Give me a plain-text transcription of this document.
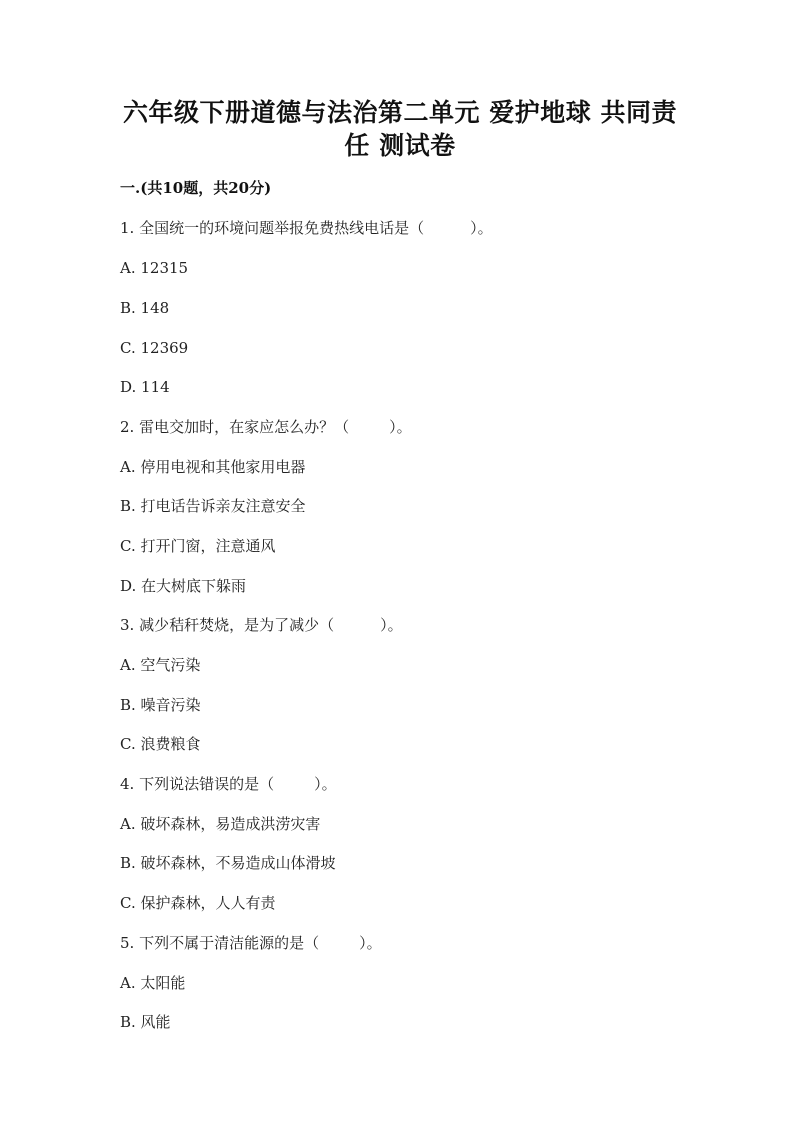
六年级下册道德与法治第二单元 爱护地球 共同责
任 测试卷
一.(共10题，共20分)
1. 全国统一的环境问题举报免费热线电话是（	）。
A. 12315
B. 148
C. 12369
D. 114
2. 雷电交加时，在家应怎么办？（	）。
A. 停用电视和其他家用电器
B. 打电话告诉亲友注意安全
C. 打开门窗，注意通风
D. 在大树底下躲雨
3. 减少秸秆焚烧，是为了减少（	）。
A. 空气污染
B. 噪音污染
C. 浪费粮食
4. 下列说法错误的是（	）。
A. 破坏森林，易造成洪涝灾害
B. 破坏森林，不易造成山体滑坡
C. 保护森林，人人有责
5. 下列不属于清洁能源的是（	）。
A. 太阳能
B. 风能
